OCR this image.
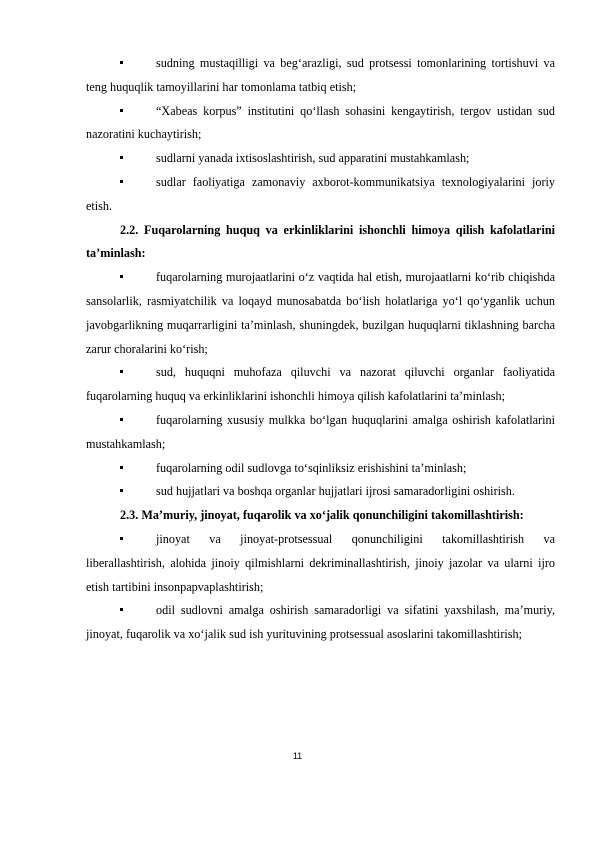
sudning mustaqilligi va beg‘arazligi, sud protsessi tomonlarining tortishuvi va teng huquqlik tamoyillarini har tomonlama tatbiq etish;

“Xabeas korpus” institutini qo‘llash sohasini kengaytirish, tergov ustidan sud nazoratini kuchaytirish;

sudlarni yanada ixtisoslashtirish, sud apparatini mustahkamlash;

sudlar faoliyatiga zamonaviy axborot-kommunikatsiya texnologiyalarini joriy etish.

2.2. Fuqarolarning huquq va erkinliklarini ishonchli himoya qilish kafolatlarini ta’minlash:

fuqarolarning murojaatlarini o‘z vaqtida hal etish, murojaatlarni ko‘rib chiqishda sansolarlik, rasmiyatchilik va loqayd munosabatda bo‘lish holatlariga yo‘l qo‘yganlik uchun javobgarlikning muqarrarligini ta’minlash, shuningdek, buzilgan huquqlarni tiklashning barcha zarur choralarini ko‘rish;

sud, huquqni muhofaza qiluvchi va nazorat qiluvchi organlar faoliyatida fuqarolarning huquq va erkinliklarini ishonchli himoya qilish kafolatlarini ta’minlash;

fuqarolarning xususiy mulkka bo‘lgan huquqlarini amalga oshirish kafolatlarini mustahkamlash;

fuqarolarning odil sudlovga to‘sqinliksiz erishishini ta’minlash;

sud hujjatlari va boshqa organlar hujjatlari ijrosi samaradorligini oshirish.

2.3. Ma’muriy, jinoyat, fuqarolik va xo‘jalik qonunchiligini takomillashtirish:

jinoyat va jinoyat-protsessual qonunchiligini takomillashtirish va liberallashtirish, alohida jinoiy qilmishlarni dekriminallashtirish, jinoiy jazolar va ularni ijro etish tartibini insonpapvaplashtirish;

odil sudlovni amalga oshirish samaradorligi va sifatini yaxshilash, ma’muriy, jinoyat, fuqarolik va xo‘jalik sud ish yurituvining protsessual asoslarini takomillashtirish;

11
